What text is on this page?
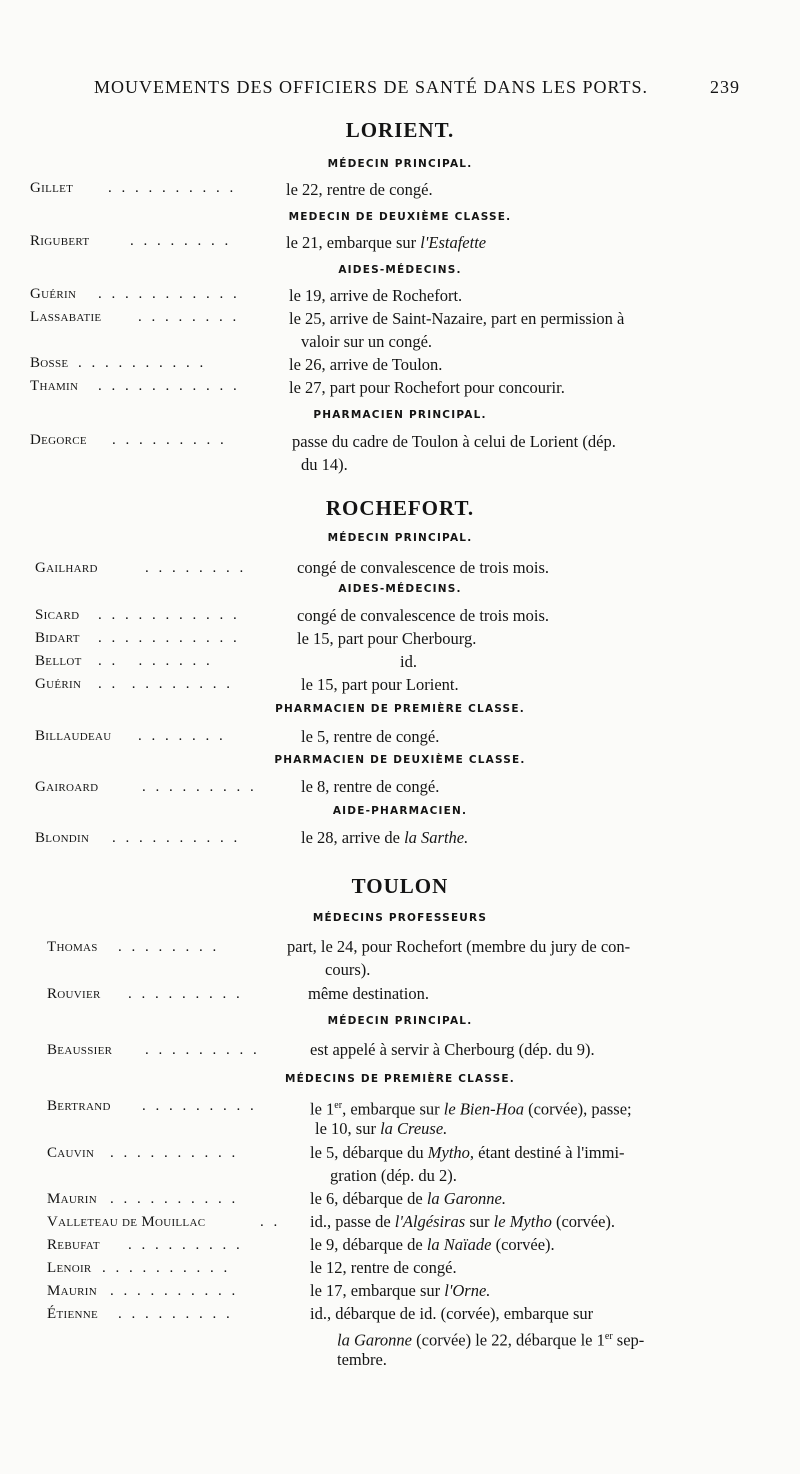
MOUVEMENTS DES OFFICIERS DE SANTÉ DANS LES PORTS.	239
LORIENT.
MÉDECIN PRINCIPAL.
Gillet . . . . . . . . . .	le 22, rentre de congé.
MEDECIN DE DEUXIÈME CLASSE.
Rigubert	. . . . . . . .	le 21, embarque sur l'Estafette
AIDES-MÉDECINS.
Guérin . . . . . . . . . . .	le 19, arrive de Rochefort.
Lassabatie . . . . . . . .	le 25, arrive de Saint-Nazaire, part en permission à
valoir sur un congé.
Bosse . . . . . . . . . .	le 26, arrive de Toulon.
Thamin . . . . . . . . . . .	le 27, part pour Rochefort pour concourir.
PHARMACIEN PRINCIPAL.
Degorce . . . . . . . . .	passe du cadre de Toulon à celui de Lorient (dép.
du 14).
ROCHEFORT.
MÉDECIN PRINCIPAL.
Gailhard	. . . . . . . .	congé de convalescence de trois mois.
AIDES-MÉDECINS.
Sicard . . . . . . . . . . .	congé de convalescence de trois mois.
Bidart . . . . . . . . . . .	le 15, part pour Cherbourg.
Bellot . .   . . . . . .	id.
Guérin . .  . . . . . . . .	le 15, part pour Lorient.
PHARMACIEN DE PREMIÈRE CLASSE.
Billaudeau . . . . . . .	le 5, rentre de congé.
PHARMACIEN DE DEUXIÈME CLASSE.
Gairoard	. . . . . . . . .	le 8, rentre de congé.
AIDE-PHARMACIEN.
Blondin . . . . . . . . . .	le 28, arrive de la Sarthe.
TOULON
MÉDECINS PROFESSEURS
Thomas . . . . . . . .	part, le 24, pour Rochefort (membre du jury de con-
cours).
Rouvier . . . . . . . . .	même destination.
MÉDECIN PRINCIPAL.
Beaussier . . . . . . . . .	est appelé à servir à Cherbourg (dép. du 9).
MÉDECINS DE PREMIÈRE CLASSE.
Bertrand . . . . . . . . .	le 1er, embarque sur le Bien-Hoa (corvée), passe;
le 10, sur la Creuse.
Cauvin . . . . . . . . . .	le 5, débarque du Mytho, étant destiné à l'immi-
gration (dép. du 2).
Maurin . . . . . . . . . .	le 6, débarque de la Garonne.
Valleteau de Mouillac	. . id., passe de l'Algésiras sur le Mytho (corvée).
Rebufat . . . . . . . . .	le 9, débarque de la Naïade (corvée).
Lenoir . . . . . . . . . .	le 12, rentre de congé.
Maurin . . . . . . . . . .	le 17, embarque sur l'Orne.
Étienne . . . . . . . . .	id., débarque de id. (corvée), embarque sur
la Garonne (corvée) le 22, débarque le 1er sep-
tembre.
